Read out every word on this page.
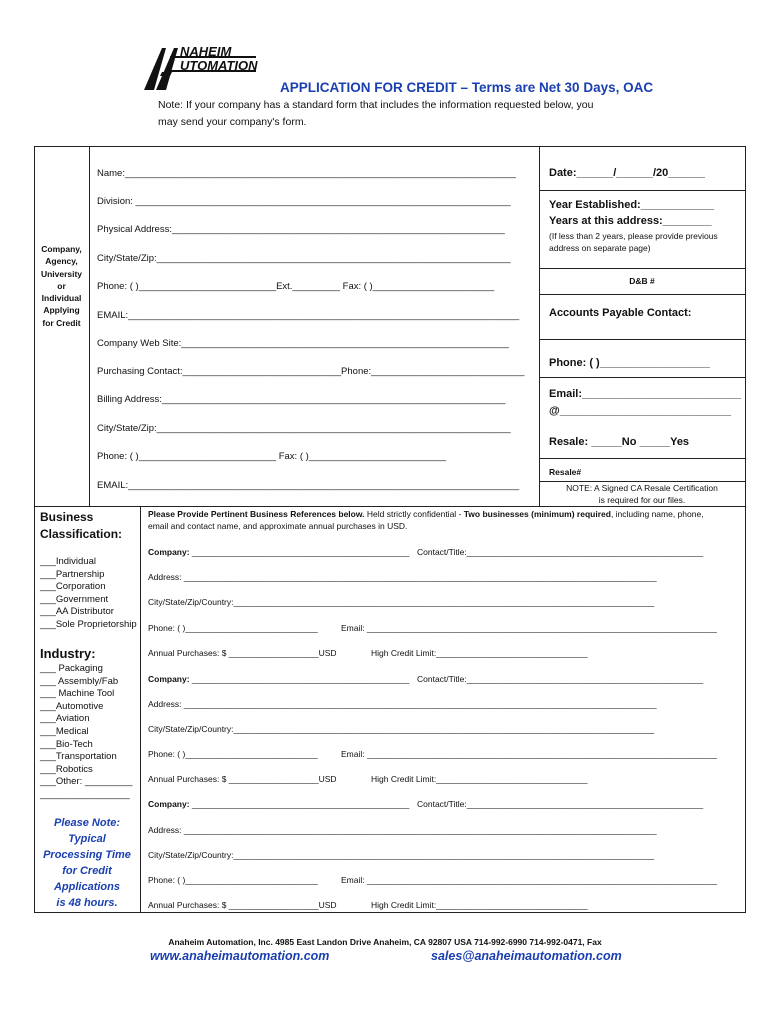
NAHEIM
UTOMATION
APPLICATION FOR CREDIT – Terms are Net 30 Days, OAC
Note: If your company has a standard form that includes the information requested below, you
may send your company's form.
Company,
Agency,
University
or
Individual
Applying
for Credit
Name:__________________________________________________________________________
Division: _______________________________________________________________________
Physical Address:_______________________________________________________________
City/State/Zip:___________________________________________________________________
Phone: ( )__________________________Ext._________ Fax: ( )_______________________
EMAIL:__________________________________________________________________________
Company Web Site:______________________________________________________________
Purchasing Contact:______________________________Phone:_____________________________
Billing Address:_________________________________________________________________
City/State/Zip:___________________________________________________________________
Phone: ( )__________________________ Fax: ( )__________________________
EMAIL:__________________________________________________________________________
Date:______/______/20______
Year Established:____________
Years at this address:________
(If less than 2 years, please provide previous
address on separate page)
D&B #
Accounts Payable Contact:
Phone: ( )__________________
Email:__________________________
@____________________________
Resale: _____No _____Yes
Resale#
NOTE: A Signed CA Resale Certification
is required for our files.
Business
Classification:
___Individual
___Partnership
___Corporation
___Government
___AA Distributor
___Sole Proprietorship
Industry:
___ Packaging
___ Assembly/Fab
___ Machine Tool
___Automotive
___Aviation
___Medical
___Bio-Tech
___Transportation
___Robotics
___Other: _________
_________________
Please Note:
Typical
Processing Time
for Credit
Applications
is 48 hours.
Please Provide Pertinent Business References below. Held strictly confidential - Two businesses (minimum) required, including name, phone,
email and contact name, and approximate annual purchases in USD.
Company: ______________________________________________ Contact/Title:__________________________________________________
Address: ____________________________________________________________________________________________________
City/State/Zip/Country:_________________________________________________________________________________________
Phone: ( )____________________________	Email: __________________________________________________________________________
Annual Purchases: $ ___________________USD	High Credit Limit:________________________________
Company: ______________________________________________ Contact/Title:__________________________________________________
Address: ____________________________________________________________________________________________________
City/State/Zip/Country:_________________________________________________________________________________________
Phone: ( )____________________________	Email: __________________________________________________________________________
Annual Purchases: $ ___________________USD	High Credit Limit:________________________________
Company: ______________________________________________ Contact/Title:__________________________________________________
Address: ____________________________________________________________________________________________________
City/State/Zip/Country:_________________________________________________________________________________________
Phone: ( )____________________________	Email: __________________________________________________________________________
Annual Purchases: $ ___________________USD	High Credit Limit:________________________________
Anaheim Automation, Inc. 4985 East Landon Drive Anaheim, CA 92807 USA 714-992-6990 714-992-0471, Fax
www.anaheimautomation.com	sales@anaheimautomation.com
